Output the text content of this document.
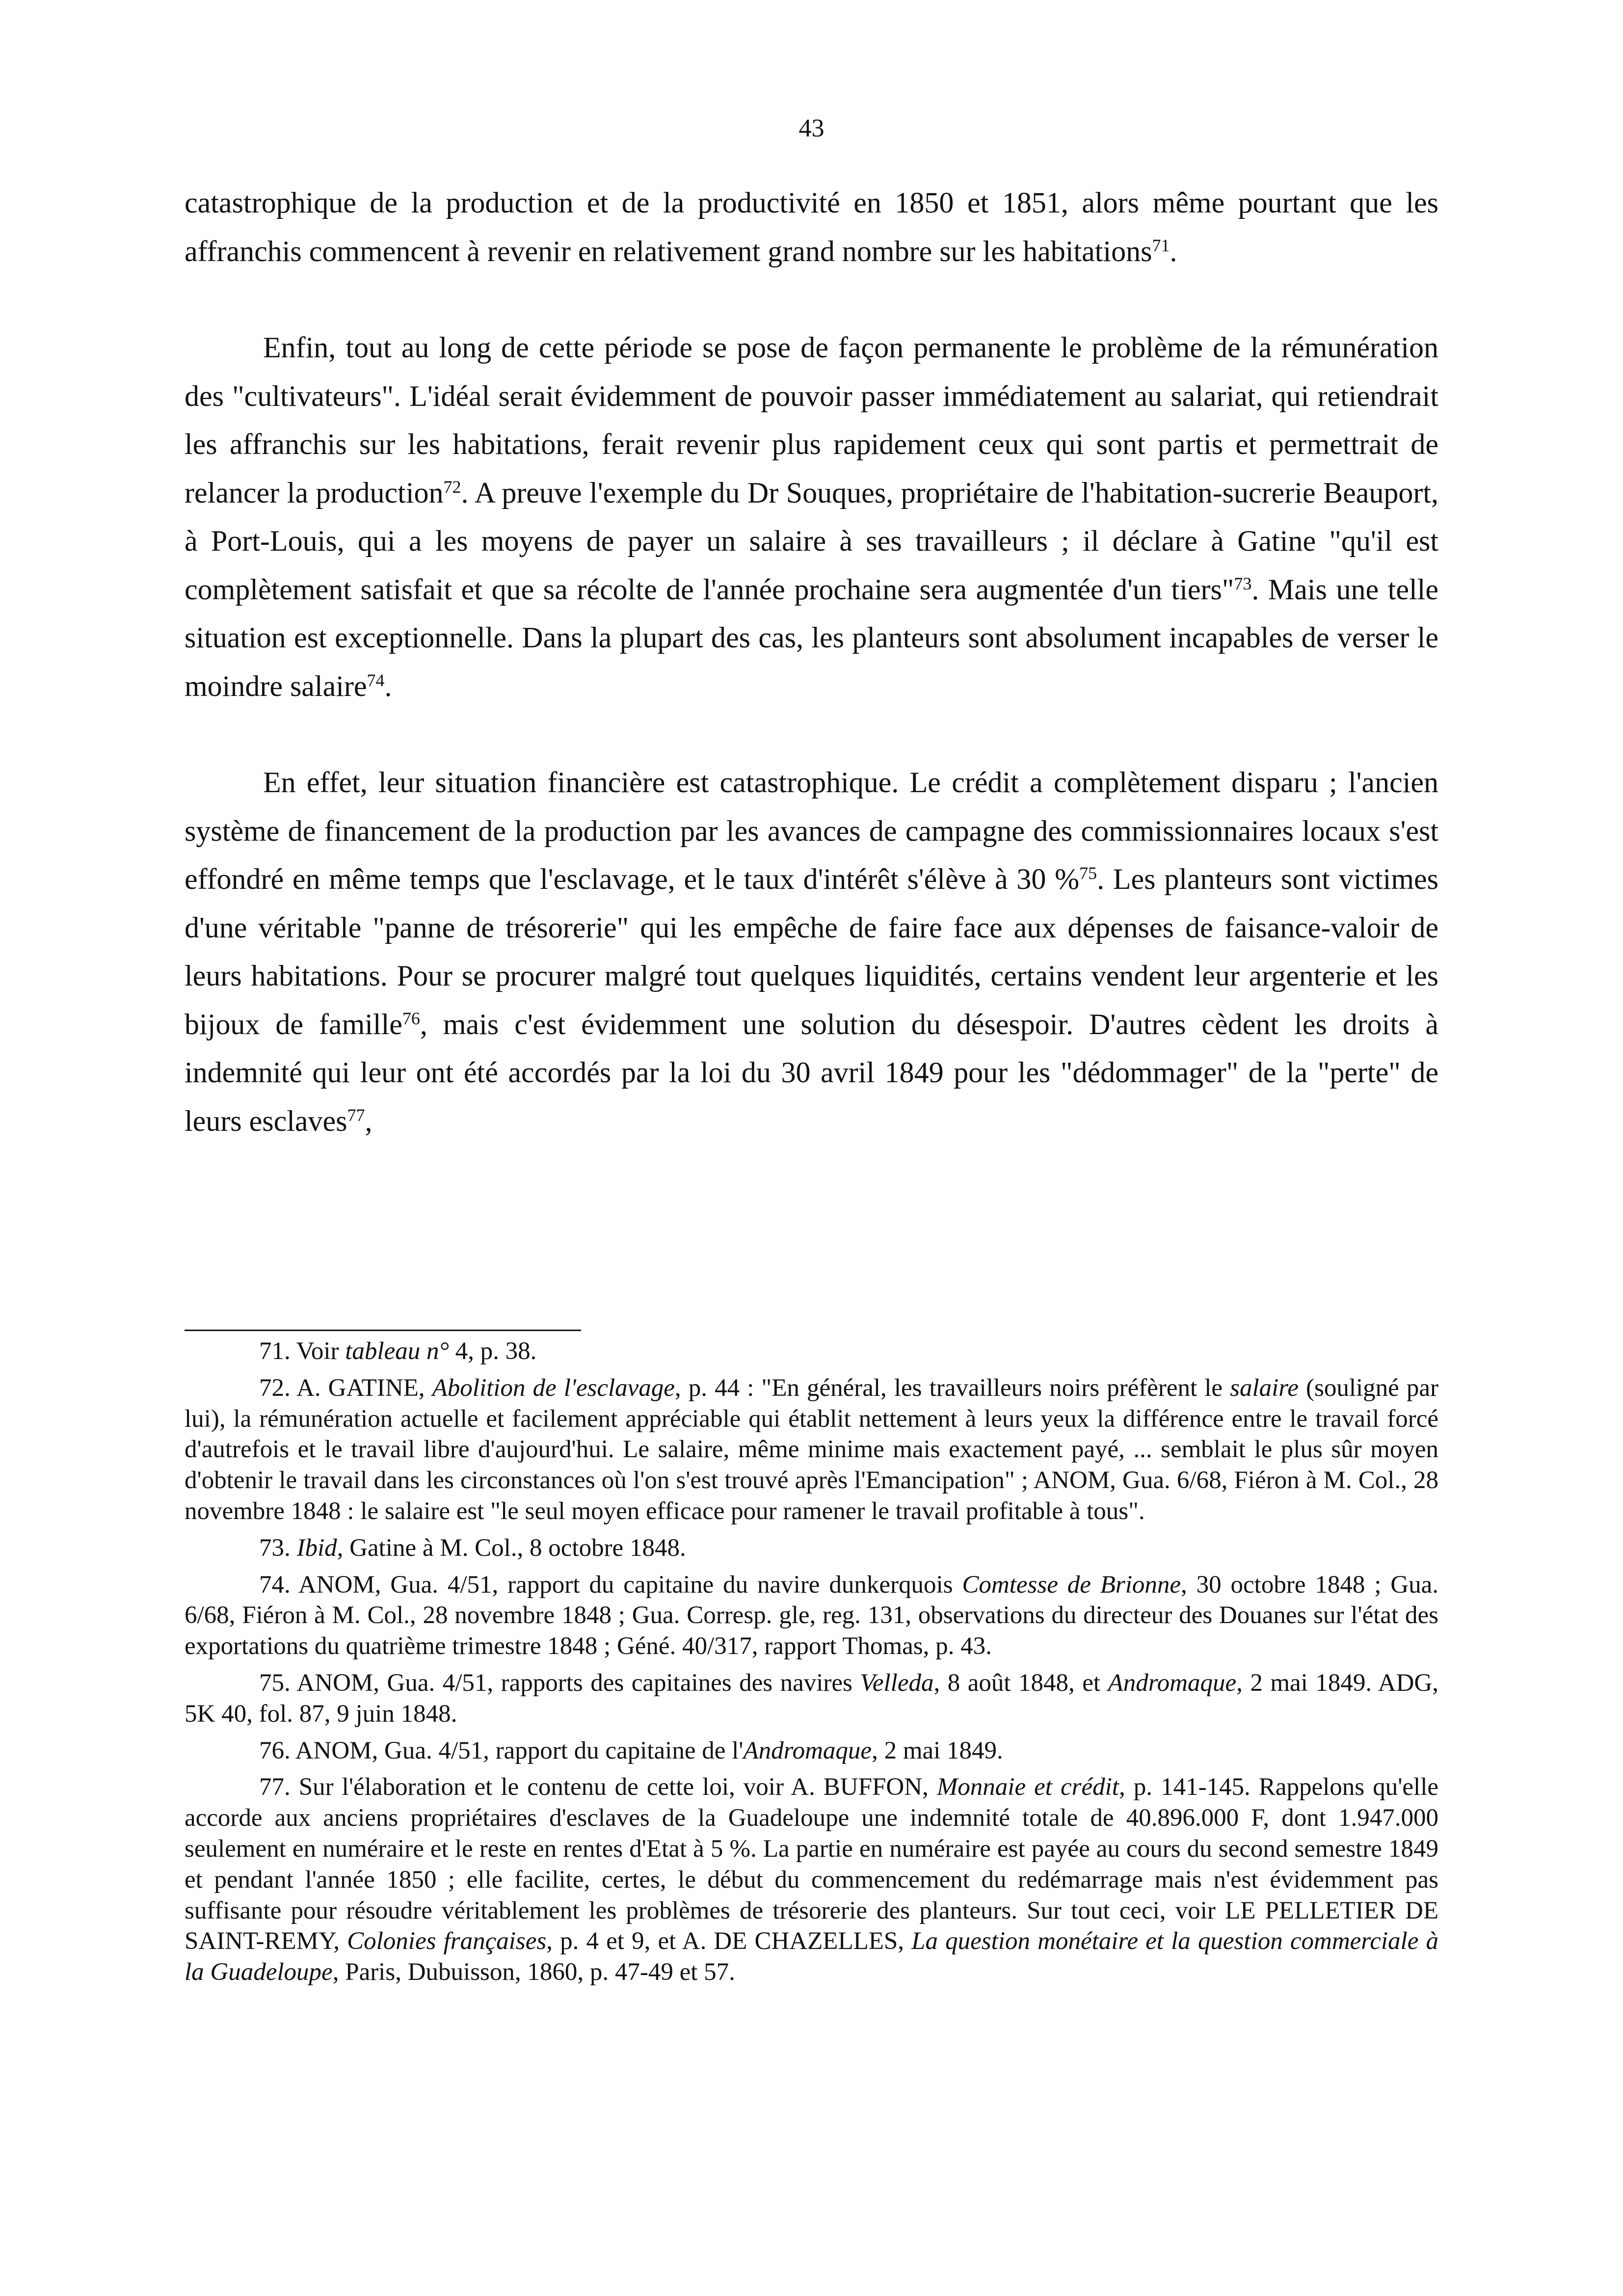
43

catastrophique de la production et de la productivité en 1850 et 1851, alors même pourtant que les affranchis commencent à revenir en relativement grand nombre sur les habitations$^{71}$.

Enfin, tout au long de cette période se pose de façon permanente le problème de la rémunération des "cultivateurs". L'idéal serait évidemment de pouvoir passer immédiatement au salariat, qui retiendrait les affranchis sur les habitations, ferait revenir plus rapidement ceux qui sont partis et permettrait de relancer la production$^{72}$. A preuve l'exemple du Dr Souques, propriétaire de l'habitation-sucrerie Beauport, à Port-Louis, qui a les moyens de payer un salaire à ses travailleurs ; il déclare à Gatine "qu'il est complètement satisfait et que sa récolte de l'année prochaine sera augmentée d'un tiers"$^{73}$. Mais une telle situation est exceptionnelle. Dans la plupart des cas, les planteurs sont absolument incapables de verser le moindre salaire$^{74}$.

En effet, leur situation financière est catastrophique. Le crédit a complètement disparu ; l'ancien système de financement de la production par les avances de campagne des commissionnaires locaux s'est effondré en même temps que l'esclavage, et le taux d'intérêt s'élève à 30 %$^{75}$. Les planteurs sont victimes d'une véritable "panne de trésorerie" qui les empêche de faire face aux dépenses de faisance-valoir de leurs habitations. Pour se procurer malgré tout quelques liquidités, certains vendent leur argenterie et les bijoux de famille$^{76}$, mais c'est évidemment une solution du désespoir. D'autres cèdent les droits à indemnité qui leur ont été accordés par la loi du 30 avril 1849 pour les "dédommager" de la "perte" de leurs esclaves$^{77}$,

71. Voir tableau n° 4, p. 38.

72. A. GATINE, Abolition de l'esclavage, p. 44 : "En général, les travailleurs noirs préfèrent le salaire (souligné par lui), la rémunération actuelle et facilement appréciable qui établit nettement à leurs yeux la différence entre le travail forcé d'autrefois et le travail libre d'aujourd'hui. Le salaire, même minime mais exactement payé, ... semblait le plus sûr moyen d'obtenir le travail dans les circonstances où l'on s'est trouvé après l'Emancipation" ; ANOM, Gua. 6/68, Fiéron à M. Col., 28 novembre 1848 : le salaire est "le seul moyen efficace pour ramener le travail profitable à tous".

73. Ibid, Gatine à M. Col., 8 octobre 1848.

74. ANOM, Gua. 4/51, rapport du capitaine du navire dunkerquois Comtesse de Brionne, 30 octobre 1848 ; Gua. 6/68, Fiéron à M. Col., 28 novembre 1848 ; Gua. Corresp. gle, reg. 131, observations du directeur des Douanes sur l'état des exportations du quatrième trimestre 1848 ; Géné. 40/317, rapport Thomas, p. 43.

75. ANOM, Gua. 4/51, rapports des capitaines des navires Velleda, 8 août 1848, et Andromaque, 2 mai 1849. ADG, 5K 40, fol. 87, 9 juin 1848.

76. ANOM, Gua. 4/51, rapport du capitaine de l'Andromaque, 2 mai 1849.

77. Sur l'élaboration et le contenu de cette loi, voir A. BUFFON, Monnaie et crédit, p. 141-145. Rappelons qu'elle accorde aux anciens propriétaires d'esclaves de la Guadeloupe une indemnité totale de 40.896.000 F, dont 1.947.000 seulement en numéraire et le reste en rentes d'Etat à 5 %. La partie en numéraire est payée au cours du second semestre 1849 et pendant l'année 1850 ; elle facilite, certes, le début du commencement du redémarrage mais n'est évidemment pas suffisante pour résoudre véritablement les problèmes de trésorerie des planteurs. Sur tout ceci, voir LE PELLETIER DE SAINT-REMY, Colonies françaises, p. 4 et 9, et A. DE CHAZELLES, La question monétaire et la question commerciale à la Guadeloupe, Paris, Dubuisson, 1860, p. 47-49 et 57.
